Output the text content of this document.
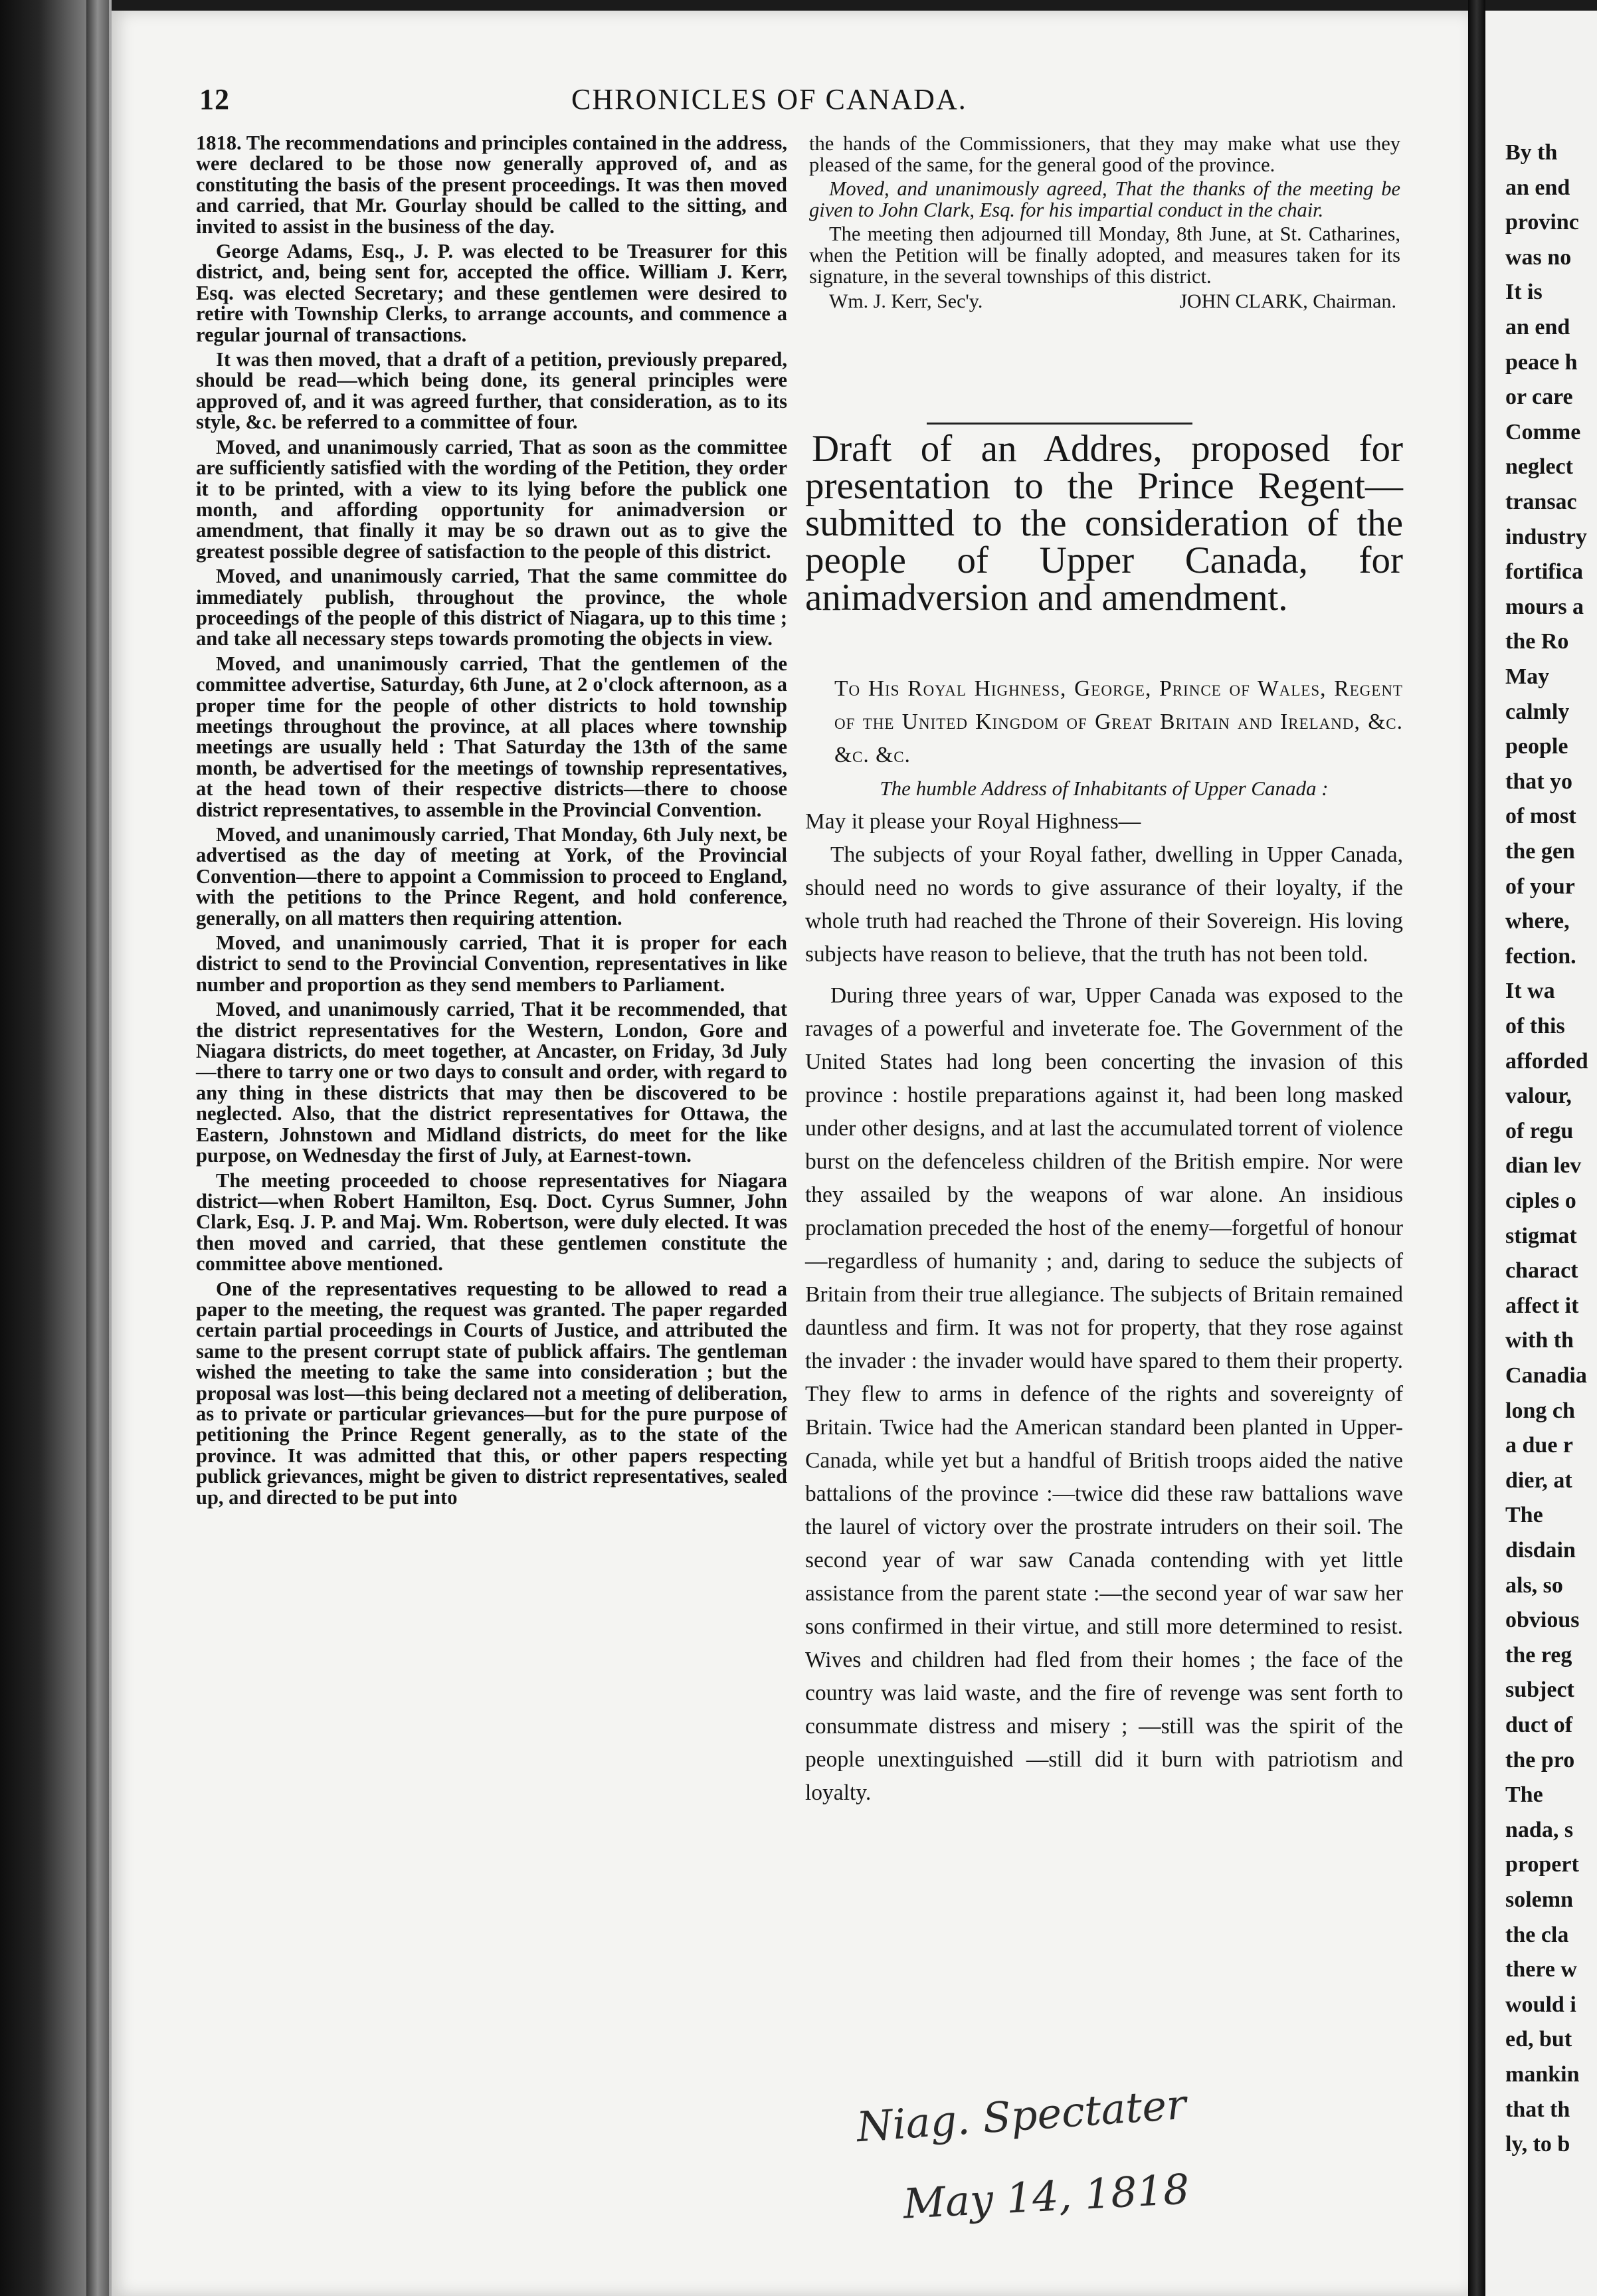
By th
an end
provinc
was no
It is
an end
peace h
or care
Comme
neglect
transac
industry
fortifica
mours a
the Ro
May
calmly
people
that yo
of most
the gen
of your
where,
fection.
It wa
of this
afforded
valour,
of regu
dian lev
ciples o
stigmat
charact
affect it
with th
Canadia
long ch
a due r
dier, at
The
disdain
als, so
obvious
the reg
subject
duct of
the pro
The
nada, s
propert
solemn
the cla
there w
would i
ed, but
mankin
that th
ly, to b
12	CHRONICLES OF CANADA.

1818. The recommendations and principles contained in the address, were declared to be those now generally approved of, and as constituting the basis of the present proceedings. It was then moved and carried, that Mr. Gourlay should be called to the sitting, and invited to assist in the business of the day.

George Adams, Esq., J. P. was elected to be Treasurer for this district, and, being sent for, accepted the office. William J. Kerr, Esq. was elected Secretary; and these gentlemen were desired to retire with Township Clerks, to arrange accounts, and commence a regular journal of transactions.

It was then moved, that a draft of a petition, previously prepared, should be read—which being done, its general principles were approved of, and it was agreed further, that consideration, as to its style, &c. be referred to a committee of four.

Moved, and unanimously carried, That as soon as the committee are sufficiently satisfied with the wording of the Petition, they order it to be printed, with a view to its lying before the publick one month, and affording opportunity for animadversion or amendment, that finally it may be so drawn out as to give the greatest possible degree of satisfaction to the people of this district.

Moved, and unanimously carried, That the same committee do immediately publish, throughout the province, the whole proceedings of the people of this district of Niagara, up to this time ; and take all necessary steps towards promoting the objects in view.

Moved, and unanimously carried, That the gentlemen of the committee advertise, Saturday, 6th June, at 2 o'clock afternoon, as a proper time for the people of other districts to hold township meetings throughout the province, at all places where township meetings are usually held : That Saturday the 13th of the same month, be advertised for the meetings of township representatives, at the head town of their respective districts—there to choose district representatives, to assemble in the Provincial Convention.

Moved, and unanimously carried, That Monday, 6th July next, be advertised as the day of meeting at York, of the Provincial Convention—there to appoint a Commission to proceed to England, with the petitions to the Prince Regent, and hold conference, generally, on all matters then requiring attention.

Moved, and unanimously carried, That it is proper for each district to send to the Provincial Convention, representatives in like number and proportion as they send members to Parliament.

Moved, and unanimously carried, That it be recommended, that the district representatives for the Western, London, Gore and Niagara districts, do meet together, at Ancaster, on Friday, 3d July—there to tarry one or two days to consult and order, with regard to any thing in these districts that may then be discovered to be neglected. Also, that the district representatives for Ottawa, the Eastern, Johnstown and Midland districts, do meet for the like purpose, on Wednesday the first of July, at Earnest-town.

The meeting proceeded to choose representatives for Niagara district—when Robert Hamilton, Esq. Doct. Cyrus Sumner, John Clark, Esq. J. P. and Maj. Wm. Robertson, were duly elected. It was then moved and carried, that these gentlemen constitute the committee above mentioned.

One of the representatives requesting to be allowed to read a paper to the meeting, the request was granted. The paper regarded certain partial proceedings in Courts of Justice, and attributed the same to the present corrupt state of publick affairs. The gentleman wished the meeting to take the same into consideration ; but the proposal was lost—this being declared not a meeting of deliberation, as to private or particular grievances—but for the pure purpose of petitioning the Prince Regent generally, as to the state of the province. It was admitted that this, or other papers respecting publick grievances, might be given to district representatives, sealed up, and directed to be put into

the hands of the Commissioners, that they may make what use they pleased of the same, for the general good of the province.

Moved, and unanimously agreed, That the thanks of the meeting be given to John Clark, Esq. for his impartial conduct in the chair.

The meeting then adjourned till Monday, 8th June, at St. Catharines, when the Petition will be finally adopted, and measures taken for its signature, in the several townships of this district.

Wm. J. Kerr, Sec'y.	JOHN CLARK, Chairman.
Draft of an Addres, proposed for presentation to the Prince Regent—submitted to the consideration of the people of Upper Canada, for animadversion and amendment.

To His Royal Highness, George, Prince of Wales, Regent of the United Kingdom of Great Britain and Ireland, &c. &c. &c.

The humble Address of Inhabitants of Upper Canada :

May it please your Royal Highness—

The subjects of your Royal father, dwelling in Upper Canada, should need no words to give assurance of their loyalty, if the whole truth had reached the Throne of their Sovereign. His loving subjects have reason to believe, that the truth has not been told.

During three years of war, Upper Canada was exposed to the ravages of a powerful and inveterate foe. The Government of the United States had long been concerting the invasion of this province : hostile preparations against it, had been long masked under other designs, and at last the accumulated torrent of violence burst on the defenceless children of the British empire. Nor were they assailed by the weapons of war alone. An insidious proclamation preceded the host of the enemy—forgetful of honour—regardless of humanity ; and, daring to seduce the subjects of Britain from their true allegiance. The subjects of Britain remained dauntless and firm. It was not for property, that they rose against the invader : the invader would have spared to them their property. They flew to arms in defence of the rights and sovereignty of Britain. Twice had the American standard been planted in Upper-Canada, while yet but a handful of British troops aided the native battalions of the province :—twice did these raw battalions wave the laurel of victory over the prostrate intruders on their soil. The second year of war saw Canada contending with yet little assistance from the parent state :—the second year of war saw her sons confirmed in their virtue, and still more determined to resist. Wives and children had fled from their homes ; the face of the country was laid waste, and the fire of revenge was sent forth to consummate distress and misery ; —still was the spirit of the people unextinguished —still did it burn with patriotism and loyalty.

Niag. Spectater
May 14, 1818
